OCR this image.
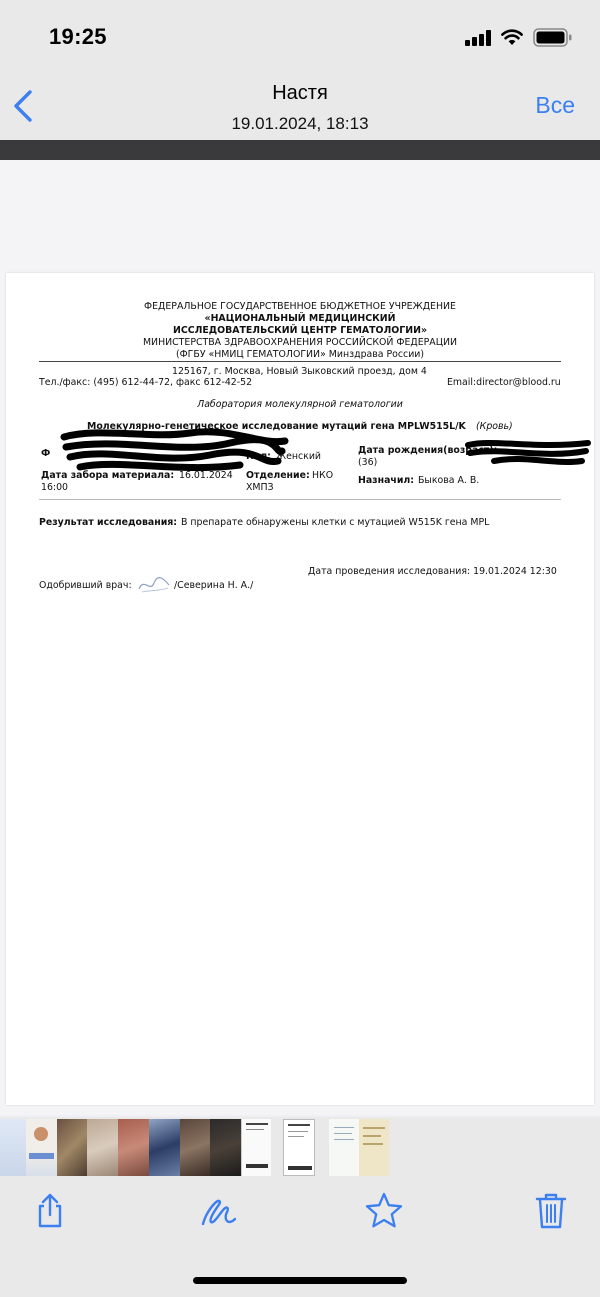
19:25
Настя
19.01.2024, 18:13
Все
ФЕДЕРАЛЬНОЕ ГОСУДАРСТВЕННОЕ БЮДЖЕТНОЕ УЧРЕЖДЕНИЕ
«НАЦИОНАЛЬНЫЙ МЕДИЦИНСКИЙ
ИССЛЕДОВАТЕЛЬСКИЙ ЦЕНТР ГЕМАТОЛОГИИ»
МИНИСТЕРСТВА ЗДРАВООХРАНЕНИЯ РОССИЙСКОЙ ФЕДЕРАЦИИ
(ФГБУ «НМИЦ ГЕМАТОЛОГИИ» Минздрава России)
125167, г. Москва, Новый Зыковский проезд, дом 4
Тел./факс: (495) 612-44-72, факс 612-42-52	Email:director@blood.ru
Лаборатория молекулярной гематологии
Молекулярно-генетическое исследование мутаций гена MPLW515L/K (Кровь)
Ф	Пол: Женский
Дата рождения(возраст):
(36)
Дата забора материала: 16.01.2024
16:00
Отделение: НКО
ХМПЗ
Назначил: Быкова А. В.
Результат исследования: В препарате обнаружены клетки с мутацией W515K гена MPL
Дата проведения исследования: 19.01.2024 12:30
Одобривший врач:	/Северина Н. А./
